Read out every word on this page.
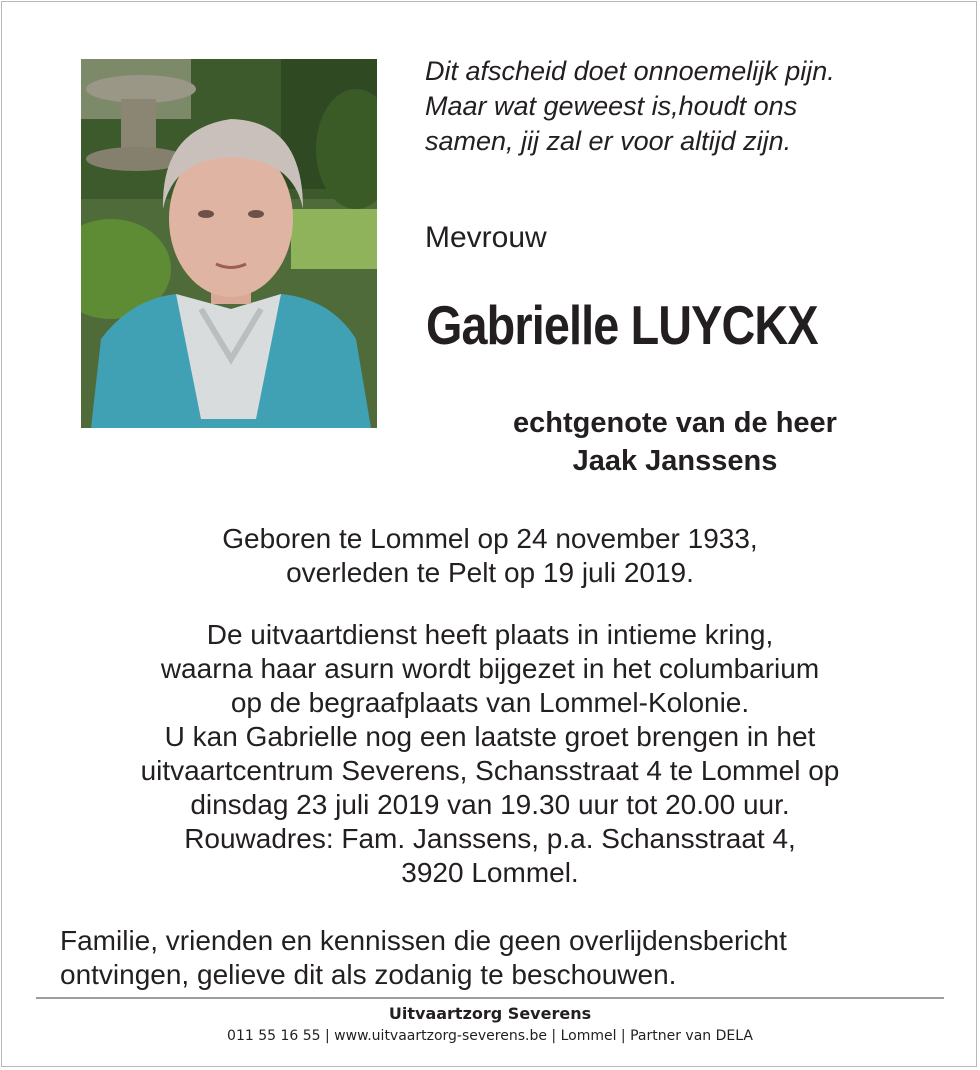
Dit afscheid doet onnoemelijk pijn.
Maar wat geweest is,houdt ons
samen, jij zal er voor altijd zijn.
Mevrouw
Gabrielle LUYCKX
echtgenote van de heer
Jaak Janssens
Geboren te Lommel op 24 november 1933,
overleden te Pelt op 19 juli 2019.
De uitvaartdienst heeft plaats in intieme kring,
waarna haar asurn wordt bijgezet in het columbarium
op de begraafplaats van Lommel-Kolonie.
U kan Gabrielle nog een laatste groet brengen in het
uitvaartcentrum Severens, Schansstraat 4 te Lommel op
dinsdag 23 juli 2019 van 19.30 uur tot 20.00 uur.
Rouwadres: Fam. Janssens, p.a. Schansstraat 4,
3920 Lommel.
Familie, vrienden en kennissen die geen overlijdensbericht
ontvingen, gelieve dit als zodanig te beschouwen.
Uitvaartzorg Severens
011 55 16 55 | www.uitvaartzorg-severens.be | Lommel | Partner van DELA
